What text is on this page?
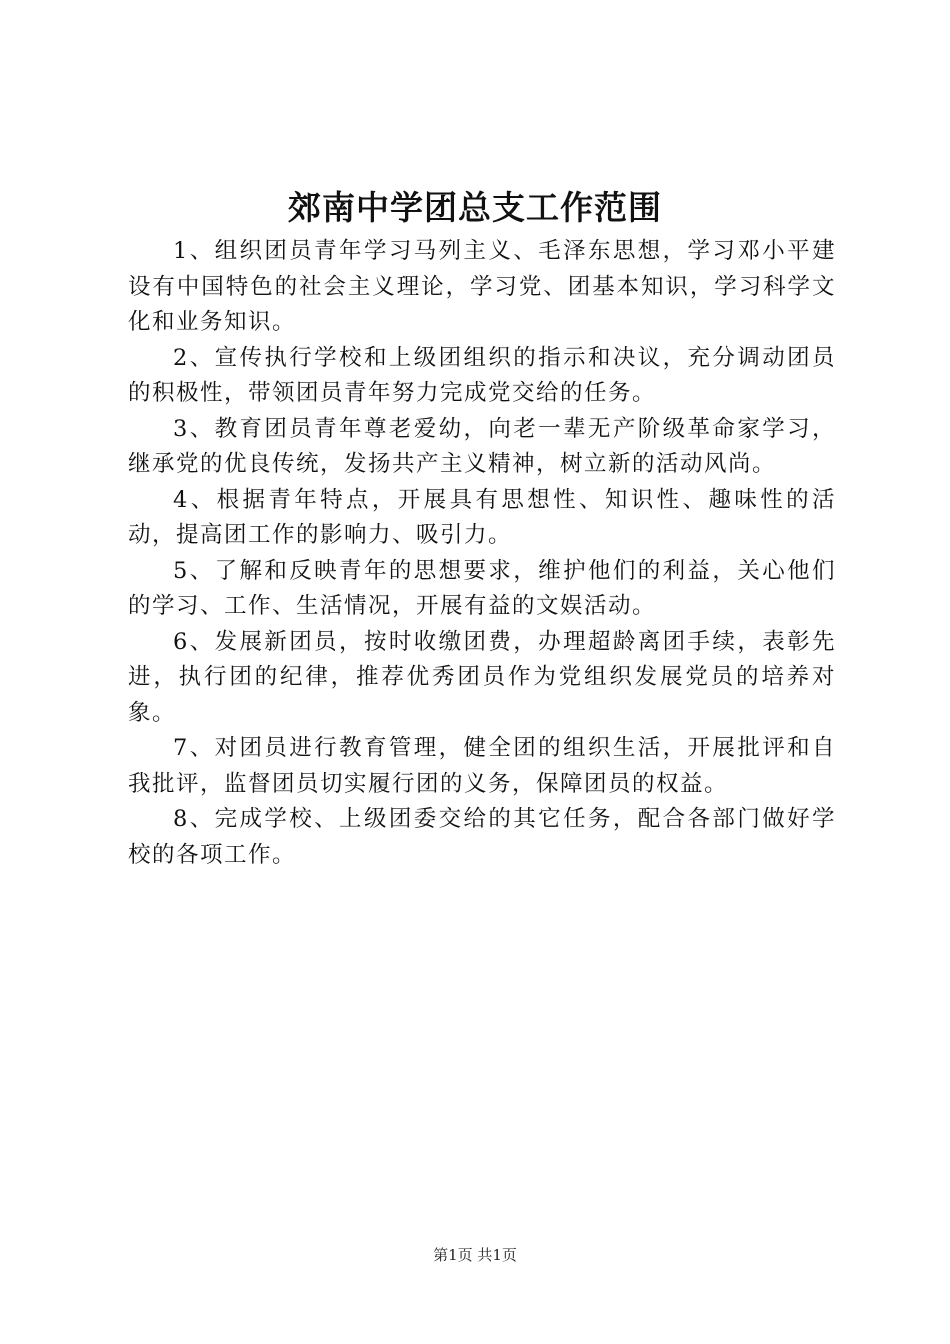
郊南中学团总支工作范围

1、组织团员青年学习马列主义、毛泽东思想，学习邓小平建设有中国特色的社会主义理论，学习党、团基本知识，学习科学文化和业务知识。

2、宣传执行学校和上级团组织的指示和决议，充分调动团员的积极性，带领团员青年努力完成党交给的任务。

3、教育团员青年尊老爱幼，向老一辈无产阶级革命家学习，继承党的优良传统，发扬共产主义精神，树立新的活动风尚。

4、根据青年特点，开展具有思想性、知识性、趣味性的活动，提高团工作的影响力、吸引力。

5、了解和反映青年的思想要求，维护他们的利益，关心他们的学习、工作、生活情况，开展有益的文娱活动。

6、发展新团员，按时收缴团费，办理超龄离团手续，表彰先进，执行团的纪律，推荐优秀团员作为党组织发展党员的培养对象。

7、对团员进行教育管理，健全团的组织生活，开展批评和自我批评，监督团员切实履行团的义务，保障团员的权益。

8、完成学校、上级团委交给的其它任务，配合各部门做好学校的各项工作。

第1页 共1页
